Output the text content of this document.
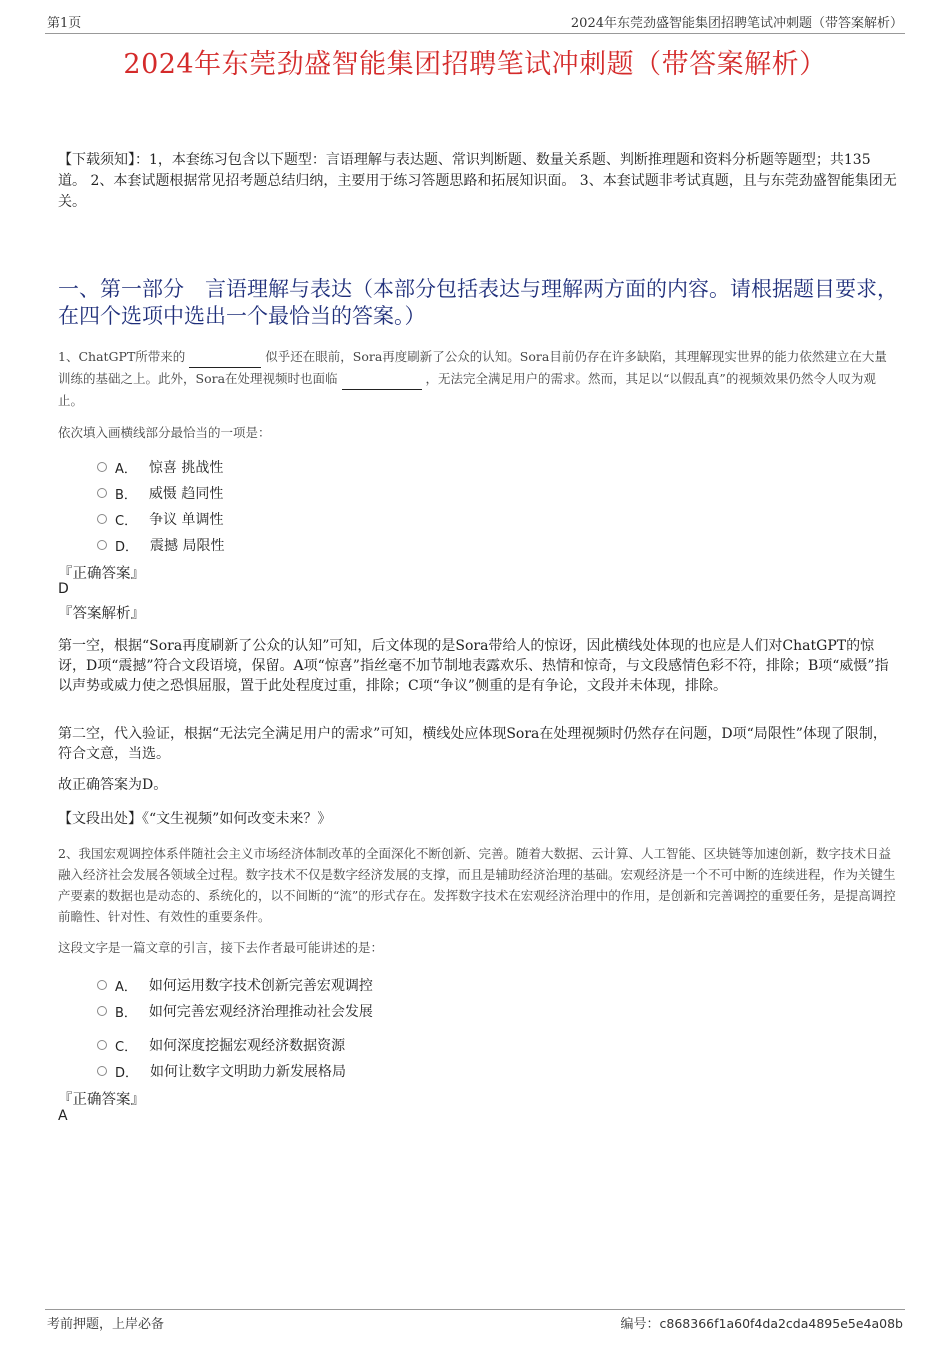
第1页	2024年东莞劲盛智能集团招聘笔试冲刺题（带答案解析）
2024年东莞劲盛智能集团招聘笔试冲刺题（带答案解析）
【下载须知】：1，本套练习包含以下题型：言语理解与表达题、常识判断题、数量关系题、判断推理题和资料分析题等题型；共135道。 2、本套试题根据常见招考题总结归纳，主要用于练习答题思路和拓展知识面。 3、本套试题非考试真题，且与东莞劲盛智能集团无关。
一、第一部分　言语理解与表达（本部分包括表达与理解两方面的内容。请根据题目要求，在四个选项中选出一个最恰当的答案。）
1、ChatGPT所带来的	似乎还在眼前，Sora再度刷新了公众的认知。Sora目前仍存在许多缺陷，其理解现实世界的能力依然建立在大量训练的基础之上。此外，Sora在处理视频时也面临	，无法完全满足用户的需求。然而，其足以“以假乱真”的视频效果仍然令人叹为观止。
依次填入画横线部分最恰当的一项是：
A． 惊喜 挑战性
B． 威慑 趋同性
C． 争议 单调性
D． 震撼 局限性
『正确答案』
D
『答案解析』
第一空，根据“Sora再度刷新了公众的认知”可知，后文体现的是Sora带给人的惊讶，因此横线处体现的也应是人们对ChatGPT的惊讶，D项“震撼”符合文段语境，保留。A项“惊喜”指丝毫不加节制地表露欢乐、热情和惊奇，与文段感情色彩不符，排除；B项“威慑”指以声势或威力使之恐惧屈服，置于此处程度过重，排除；C项“争议”侧重的是有争论，文段并未体现，排除。
第二空，代入验证，根据“无法完全满足用户的需求”可知，横线处应体现Sora在处理视频时仍然存在问题，D项“局限性”体现了限制，符合文意，当选。
故正确答案为D。
【文段出处】《“文生视频”如何改变未来？》
2、我国宏观调控体系伴随社会主义市场经济体制改革的全面深化不断创新、完善。随着大数据、云计算、人工智能、区块链等加速创新，数字技术日益融入经济社会发展各领域全过程。数字技术不仅是数字经济发展的支撑，而且是辅助经济治理的基础。宏观经济是一个不可中断的连续进程，作为关键生产要素的数据也是动态的、系统化的，以不间断的“流”的形式存在。发挥数字技术在宏观经济治理中的作用，是创新和完善调控的重要任务，是提高调控前瞻性、针对性、有效性的重要条件。
这段文字是一篇文章的引言，接下去作者最可能讲述的是：
A． 如何运用数字技术创新完善宏观调控
B． 如何完善宏观经济治理推动社会发展
C． 如何深度挖掘宏观经济数据资源
D． 如何让数字文明助力新发展格局
『正确答案』
A
考前押题，上岸必备	编号：c868366f1a60f4da2cda4895e5e4a08b
